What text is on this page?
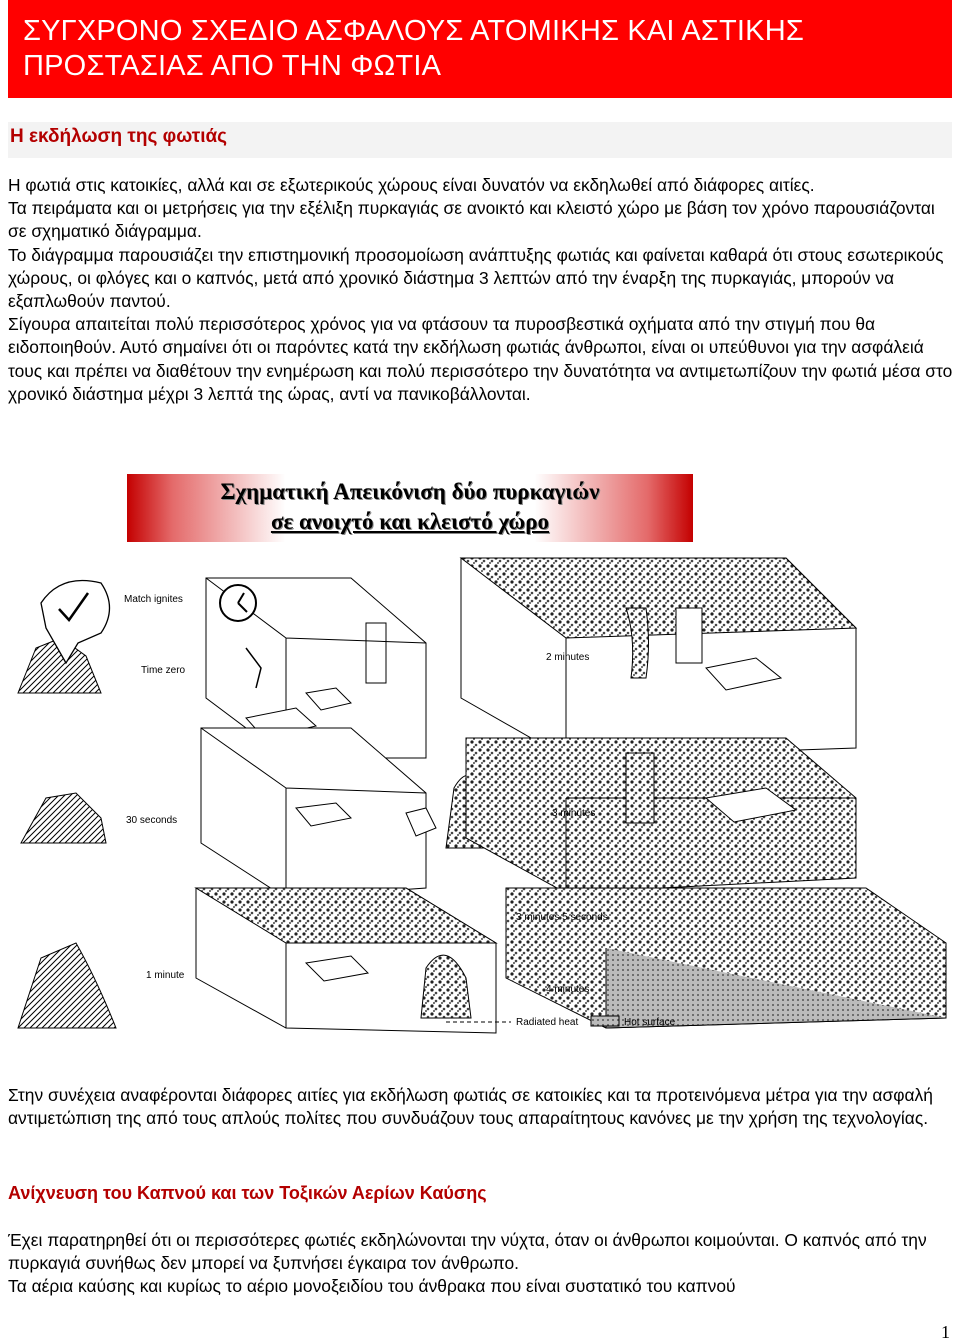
ΣΥΓΧΡΟΝΟ ΣΧΕΔΙΟ ΑΣΦΑΛΟΥΣ ΑΤΟΜΙΚΗΣ ΚΑΙ ΑΣΤΙΚΗΣ
ΠΡΟΣΤΑΣΙΑΣ ΑΠΟ ΤΗΝ ΦΩΤΙΑ
Η εκδήλωση της φωτιάς

Η φωτιά στις κατοικίες, αλλά και σε εξωτερικούς χώρους είναι δυνατόν να εκδηλωθεί από διάφορες αιτίες.

Τα πειράματα και οι μετρήσεις για την εξέλιξη πυρκαγιάς σε ανοικτό και κλειστό χώρο με βάση τον χρόνο παρουσιάζονται σε σχηματικό διάγραμμα.

Το διάγραμμα παρουσιάζει την επιστημονική προσομοίωση ανάπτυξης φωτιάς και φαίνεται καθαρά ότι στους εσωτερικούς χώρους, οι φλόγες και ο καπνός, μετά από χρονικό διάστημα 3 λεπτών από την έναρξη της πυρκαγιάς, μπορούν να εξαπλωθούν παντού.

Σίγουρα απαιτείται πολύ περισσότερος χρόνος για να φτάσουν τα πυροσβεστικά οχήματα από την στιγμή που θα ειδοποιηθούν. Αυτό σημαίνει ότι οι παρόντες κατά την εκδήλωση φωτιάς άνθρωποι, είναι οι υπεύθυνοι για την ασφάλειά τους και πρέπει να διαθέτουν την ενημέρωση και πολύ περισσότερο την δυνατότητα να αντιμετωπίζουν την φωτιά μέσα στο χρονικό διάστημα μέχρι 3 λεπτά της ώρας, αντί να πανικοβάλλονται.

Σχηματική Απεικόνιση δύο πυρκαγιών
σε ανοιχτό και κλειστό χώρο
Match ignites
Time zero
2 minutes
30 seconds
3 minutes
1 minute
3 minutes 5 seconds
4 minutes
Radiated heat	Hot surface

Στην συνέχεια αναφέρονται διάφορες αιτίες για εκδήλωση φωτιάς σε κατοικίες και τα προτεινόμενα μέτρα για την ασφαλή αντιμετώπιση της από τους απλούς πολίτες που συνδυάζουν τους απαραίτητους κανόνες με την χρήση της τεχνολογίας.

Ανίχνευση του Καπνού και των Τοξικών Αερίων Καύσης

Έχει παρατηρηθεί ότι οι περισσότερες φωτιές εκδηλώνονται την νύχτα, όταν οι άνθρωποι κοιμούνται. Ο καπνός από την πυρκαγιά συνήθως δεν μπορεί να ξυπνήσει έγκαιρα τον άνθρωπο.

Τα αέρια καύσης και κυρίως το αέριο μονοξειδίου του άνθρακα που είναι συστατικό του καπνού

1
